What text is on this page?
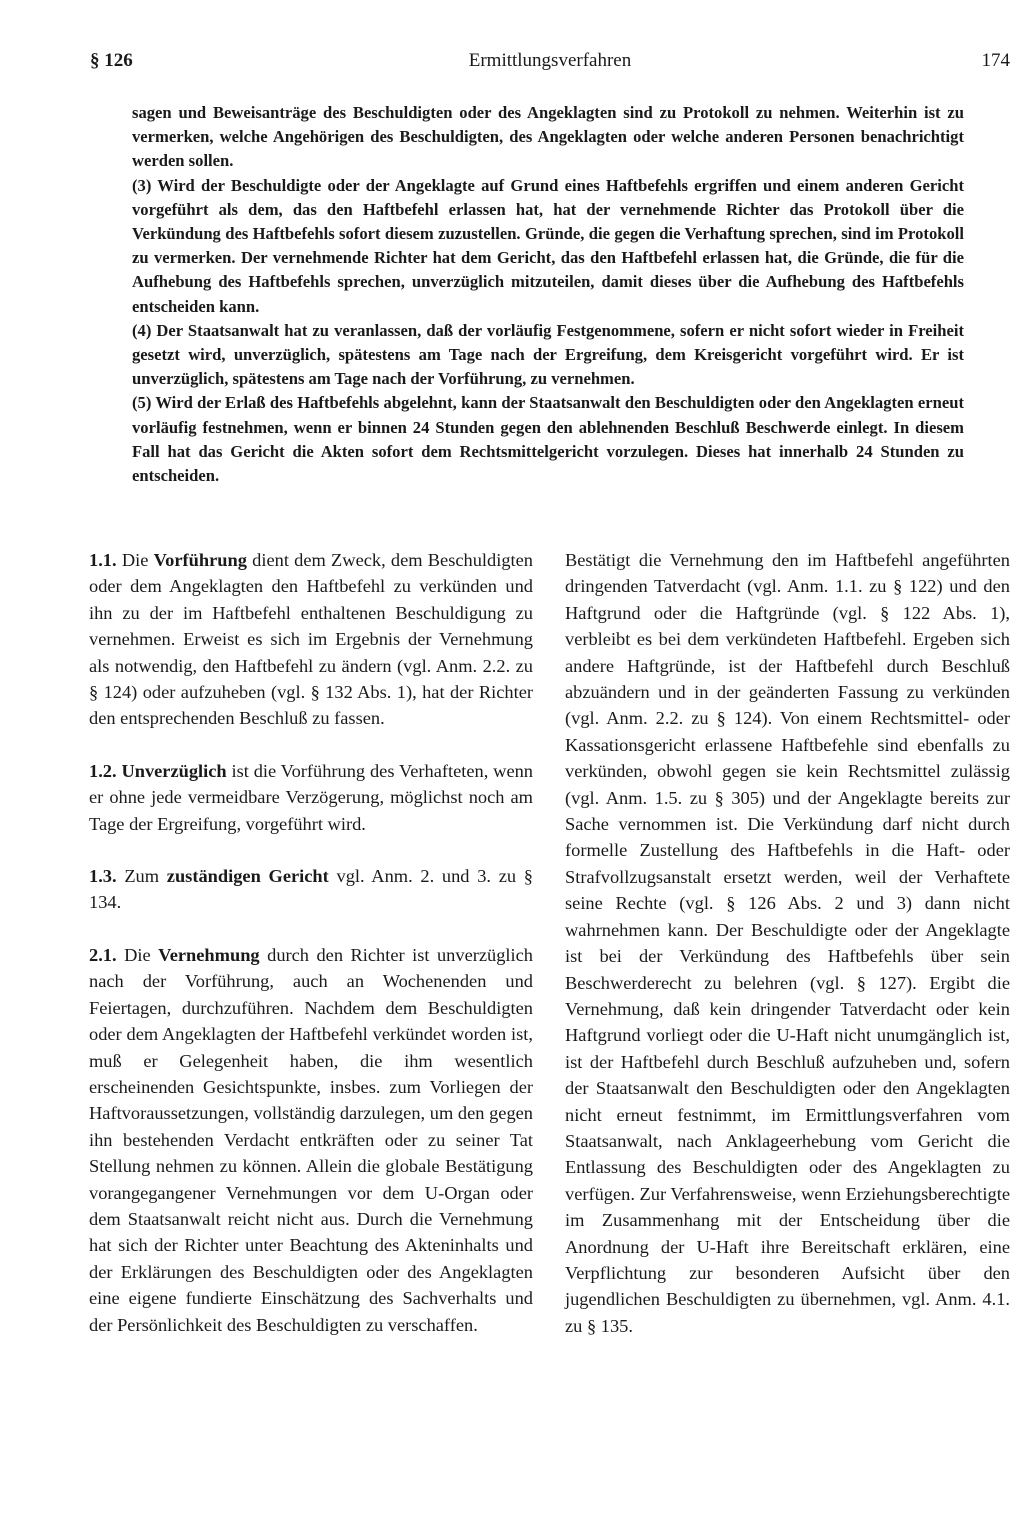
Ermittlungsverfahren
§ 126	174

sagen und Beweisanträge des Beschuldigten oder des Angeklagten sind zu Protokoll zu nehmen. Weiterhin ist zu vermerken, welche Angehörigen des Beschuldigten, des Angeklagten oder welche anderen Personen benachrichtigt werden sollen.

(3) Wird der Beschuldigte oder der Angeklagte auf Grund eines Haftbefehls ergriffen und einem anderen Gericht vorgeführt als dem, das den Haftbefehl erlassen hat, hat der vernehmende Richter das Protokoll über die Verkündung des Haftbefehls sofort diesem zuzustellen. Gründe, die gegen die Verhaftung sprechen, sind im Protokoll zu vermerken. Der vernehmende Richter hat dem Gericht, das den Haftbefehl erlassen hat, die Gründe, die für die Aufhebung des Haftbefehls sprechen, unverzüglich mitzuteilen, damit dieses über die Aufhebung des Haftbefehls entscheiden kann.

(4) Der Staatsanwalt hat zu veranlassen, daß der vorläufig Festgenommene, sofern er nicht sofort wieder in Freiheit gesetzt wird, unverzüglich, spätestens am Tage nach der Ergreifung, dem Kreisgericht vorgeführt wird. Er ist unverzüglich, spätestens am Tage nach der Vorführung, zu vernehmen.

(5) Wird der Erlaß des Haftbefehls abgelehnt, kann der Staatsanwalt den Beschuldigten oder den Angeklagten erneut vorläufig festnehmen, wenn er binnen 24 Stunden gegen den ablehnenden Beschluß Beschwerde einlegt. In diesem Fall hat das Gericht die Akten sofort dem Rechtsmittelgericht vorzulegen. Dieses hat innerhalb 24 Stunden zu entscheiden.

1.1. Die Vorführung dient dem Zweck, dem Beschuldigten oder dem Angeklagten den Haftbefehl zu verkünden und ihn zu der im Haftbefehl enthaltenen Beschuldigung zu vernehmen. Erweist es sich im Ergebnis der Vernehmung als notwendig, den Haftbefehl zu ändern (vgl. Anm. 2.2. zu § 124) oder aufzuheben (vgl. § 132 Abs. 1), hat der Richter den entsprechenden Beschluß zu fassen.

1.2. Unverzüglich ist die Vorführung des Verhafteten, wenn er ohne jede vermeidbare Verzögerung, möglichst noch am Tage der Ergreifung, vorgeführt wird.

1.3. Zum zuständigen Gericht vgl. Anm. 2. und 3. zu § 134.

2.1. Die Vernehmung durch den Richter ist unverzüglich nach der Vorführung, auch an Wochenenden und Feiertagen, durchzuführen. Nachdem dem Beschuldigten oder dem Angeklagten der Haftbefehl verkündet worden ist, muß er Gelegenheit haben, die ihm wesentlich erscheinenden Gesichtspunkte, insbes. zum Vorliegen der Haftvoraussetzungen, vollständig darzulegen, um den gegen ihn bestehenden Verdacht entkräften oder zu seiner Tat Stellung nehmen zu können. Allein die globale Bestätigung vorangegangener Vernehmungen vor dem U-Organ oder dem Staatsanwalt reicht nicht aus. Durch die Vernehmung hat sich der Richter unter Beachtung des Akteninhalts und der Erklärungen des Beschuldigten oder des Angeklagten eine eigene fundierte Einschätzung des Sachverhalts und der Persönlichkeit des Beschuldigten zu verschaffen.

Bestätigt die Vernehmung den im Haftbefehl angeführten dringenden Tatverdacht (vgl. Anm. 1.1. zu § 122) und den Haftgrund oder die Haftgründe (vgl. § 122 Abs. 1), verbleibt es bei dem verkündeten Haftbefehl. Ergeben sich andere Haftgründe, ist der Haftbefehl durch Beschluß abzuändern und in der geänderten Fassung zu verkünden (vgl. Anm. 2.2. zu § 124). Von einem Rechtsmittel- oder Kassationsgericht erlassene Haftbefehle sind ebenfalls zu verkünden, obwohl gegen sie kein Rechtsmittel zulässig (vgl. Anm. 1.5. zu § 305) und der Angeklagte bereits zur Sache vernommen ist. Die Verkündung darf nicht durch formelle Zustellung des Haftbefehls in die Haft- oder Strafvollzugsanstalt ersetzt werden, weil der Verhaftete seine Rechte (vgl. § 126 Abs. 2 und 3) dann nicht wahrnehmen kann. Der Beschuldigte oder der Angeklagte ist bei der Verkündung des Haftbefehls über sein Beschwerderecht zu belehren (vgl. § 127). Ergibt die Vernehmung, daß kein dringender Tatverdacht oder kein Haftgrund vorliegt oder die U-Haft nicht unumgänglich ist, ist der Haftbefehl durch Beschluß aufzuheben und, sofern der Staatsanwalt den Beschuldigten oder den Angeklagten nicht erneut festnimmt, im Ermittlungsverfahren vom Staatsanwalt, nach Anklageerhebung vom Gericht die Entlassung des Beschuldigten oder des Angeklagten zu verfügen. Zur Verfahrensweise, wenn Erziehungsberechtigte im Zusammenhang mit der Entscheidung über die Anordnung der U-Haft ihre Bereitschaft erklären, eine Verpflichtung zur besonderen Aufsicht über den jugendlichen Beschuldigten zu übernehmen, vgl. Anm. 4.1. zu § 135.
